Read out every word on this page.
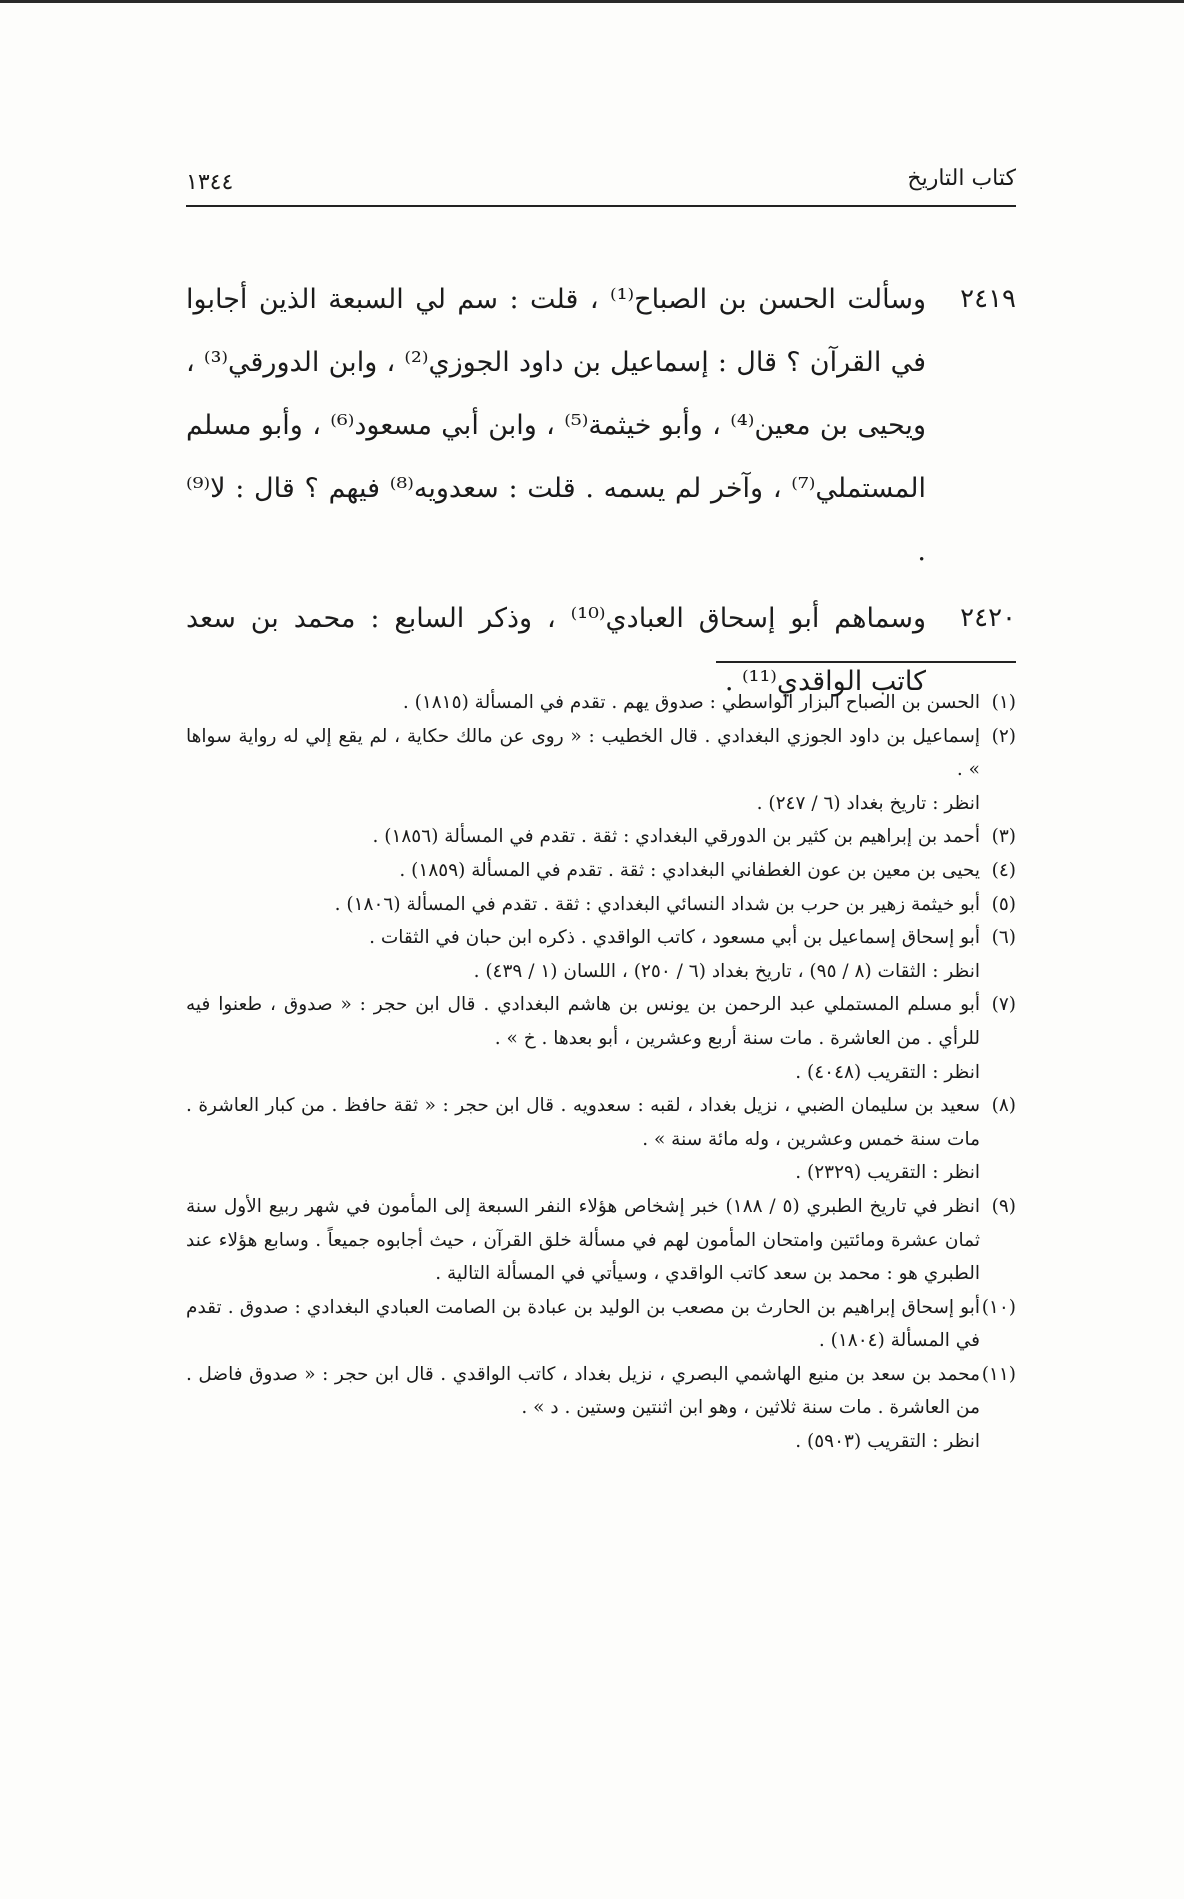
كتاب التاريخ
١٣٤٤
٢٤١٩
وسألت الحسن بن الصباح⁽¹⁾ ، قلت : سم لي السبعة الذين أجابوا في القرآن ؟ قال : إسماعيل بن داود الجوزي⁽²⁾ ، وابن الدورقي⁽³⁾ ، ويحيى بن معين⁽⁴⁾ ، وأبو خيثمة⁽⁵⁾ ، وابن أبي مسعود⁽⁶⁾ ، وأبو مسلم المستملي⁽⁷⁾ ، وآخر لم يسمه . قلت : سعدويه⁽⁸⁾ فيهم ؟ قال : لا⁽⁹⁾ .
٢٤٢٠
وسماهم أبو إسحاق العبادي⁽¹⁰⁾ ، وذكر السابع : محمد بن سعد كاتب الواقدي⁽¹¹⁾ .
(١)
الحسن بن الصباح البزار الواسطي : صدوق يهم . تقدم في المسألة (١٨١٥) .
(٢)
إسماعيل بن داود الجوزي البغدادي . قال الخطيب : « روى عن مالك حكاية ، لم يقع إلي له رواية سواها » .
انظر : تاريخ بغداد (٦ / ٢٤٧) .
(٣)
أحمد بن إبراهيم بن كثير بن الدورقي البغدادي : ثقة . تقدم في المسألة (١٨٥٦) .
(٤)
يحيى بن معين بن عون الغطفاني البغدادي : ثقة . تقدم في المسألة (١٨٥٩) .
(٥)
أبو خيثمة زهير بن حرب بن شداد النسائي البغدادي : ثقة . تقدم في المسألة (١٨٠٦) .
(٦)
أبو إسحاق إسماعيل بن أبي مسعود ، كاتب الواقدي . ذكره ابن حبان في الثقات .
انظر : الثقات (٨ / ٩٥) ، تاريخ بغداد (٦ / ٢٥٠) ، اللسان (١ / ٤٣٩) .
(٧)
أبو مسلم المستملي عبد الرحمن بن يونس بن هاشم البغدادي . قال ابن حجر : « صدوق ، طعنوا فيه للرأي . من العاشرة . مات سنة أربع وعشرين ، أبو بعدها . خ » .
انظر : التقريب (٤٠٤٨) .
(٨)
سعيد بن سليمان الضبي ، نزيل بغداد ، لقبه : سعدويه . قال ابن حجر : « ثقة حافظ . من كبار العاشرة . مات سنة خمس وعشرين ، وله مائة سنة » .
انظر : التقريب (٢٣٢٩) .
(٩)
انظر في تاريخ الطبري (٥ / ١٨٨) خبر إشخاص هؤلاء النفر السبعة إلى المأمون في شهر ربيع الأول سنة ثمان عشرة ومائتين وامتحان المأمون لهم في مسألة خلق القرآن ، حيث أجابوه جميعاً . وسابع هؤلاء عند الطبري هو : محمد بن سعد كاتب الواقدي ، وسيأتي في المسألة التالية .
(١٠)
أبو إسحاق إبراهيم بن الحارث بن مصعب بن الوليد بن عبادة بن الصامت العبادي البغدادي : صدوق . تقدم في المسألة (١٨٠٤) .
(١١)
محمد بن سعد بن منيع الهاشمي البصري ، نزيل بغداد ، كاتب الواقدي . قال ابن حجر : « صدوق فاضل . من العاشرة . مات سنة ثلاثين ، وهو ابن اثنتين وستين . د » .
انظر : التقريب (٥٩٠٣) .
